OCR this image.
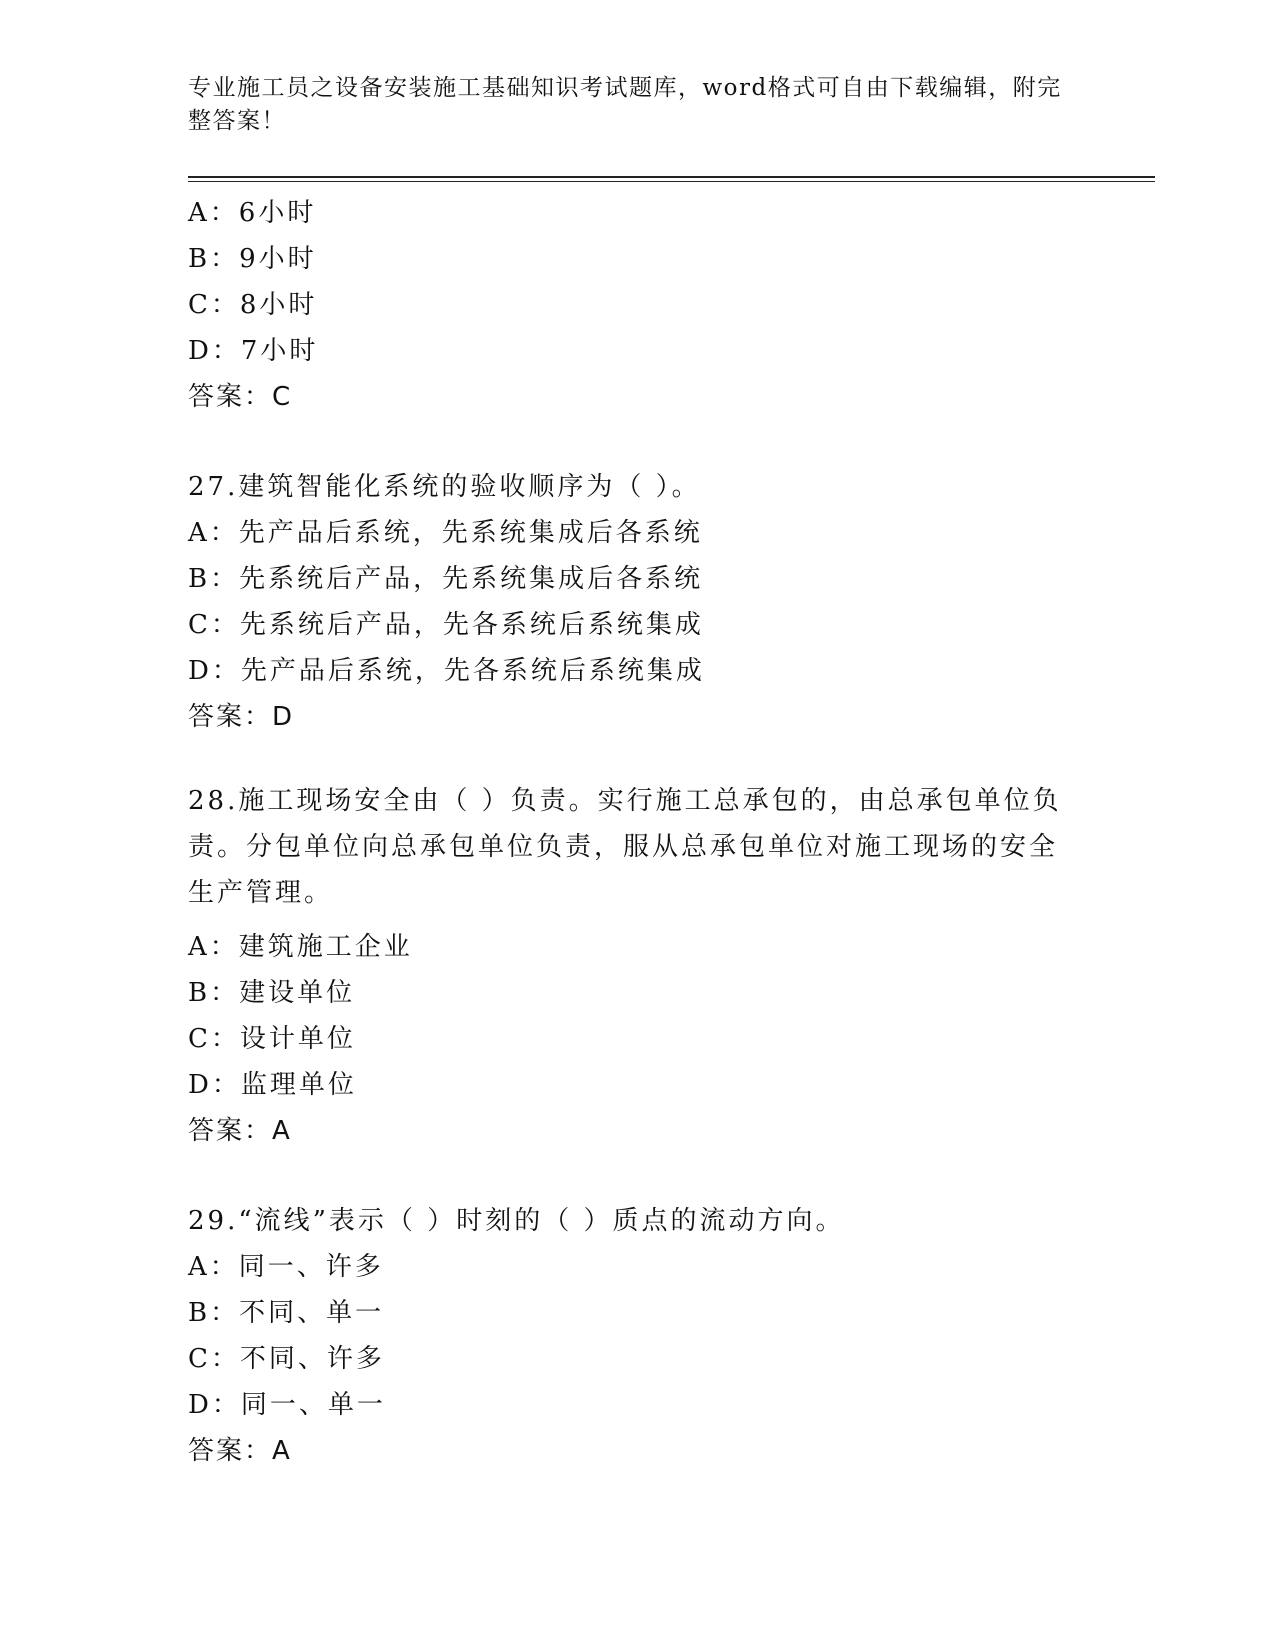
专业施工员之设备安装施工基础知识考试题库，word格式可自由下载编辑，附完整答案！
A：6小时
B：9小时
C：8小时
D：7小时
答案：C
27.建筑智能化系统的验收顺序为（ ）。
A：先产品后系统，先系统集成后各系统
B：先系统后产品，先系统集成后各系统
C：先系统后产品，先各系统后系统集成
D：先产品后系统，先各系统后系统集成
答案：D
28.施工现场安全由（ ）负责。实行施工总承包的，由总承包单位负责。分包单位向总承包单位负责，服从总承包单位对施工现场的安全生产管理。
A：建筑施工企业
B：建设单位
C：设计单位
D：监理单位
答案：A
29.“流线”表示（ ）时刻的（ ）质点的流动方向。
A：同一、许多
B：不同、单一
C：不同、许多
D：同一、单一
答案：A
